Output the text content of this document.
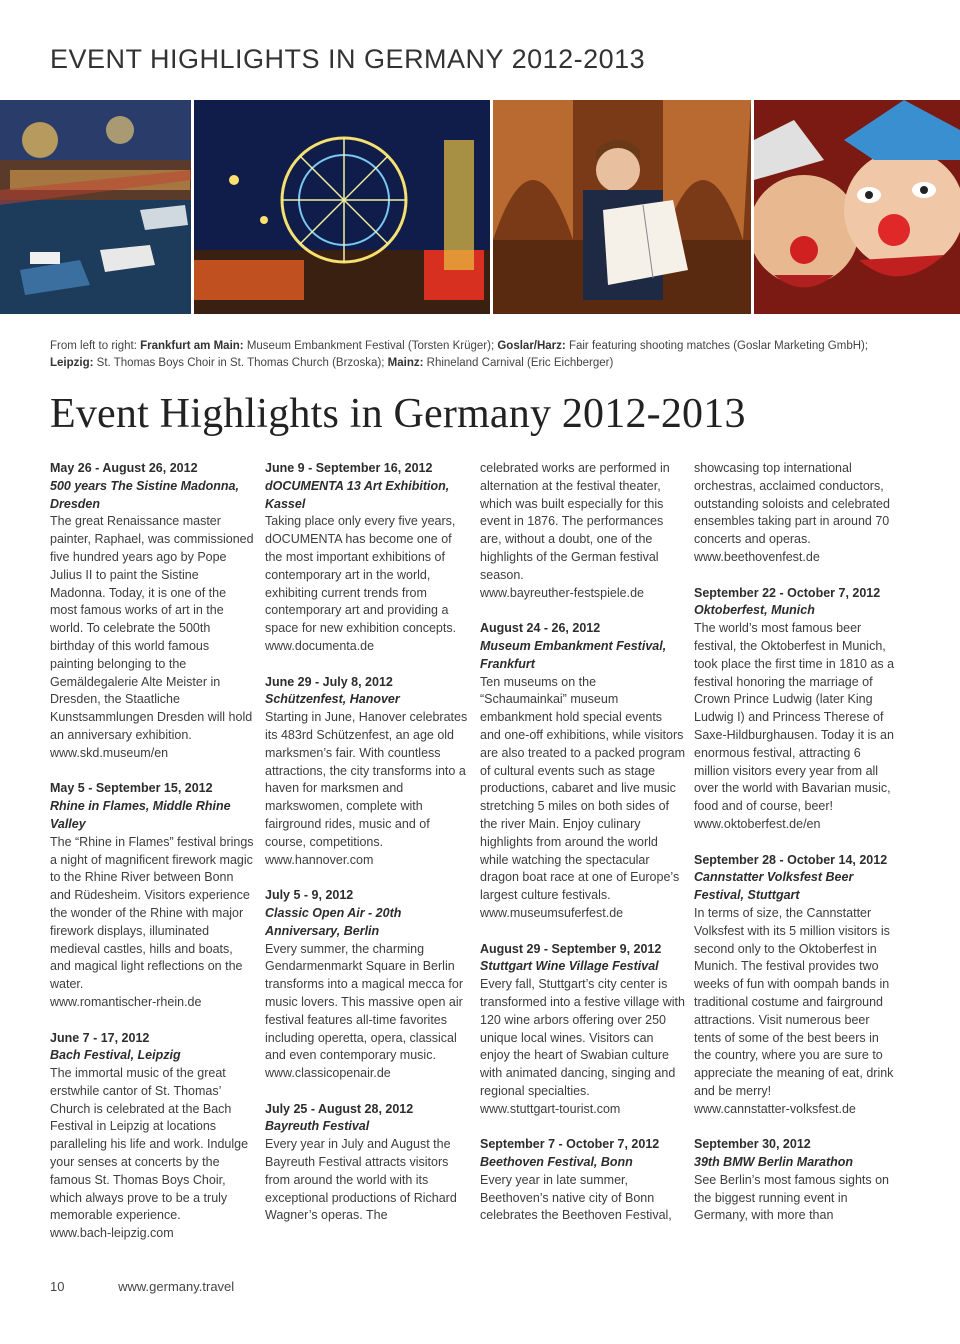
EVENT HIGHLIGHTS IN GERMANY 2012-2013
From left to right: Frankfurt am Main: Museum Embankment Festival (Torsten Krüger); Goslar/Harz: Fair featuring shooting matches (Goslar Marketing GmbH);
Leipzig: St. Thomas Boys Choir in St. Thomas Church (Brzoska); Mainz: Rhineland Carnival (Eric Eichberger)
Event Highlights in Germany 2012-2013
May 26 - August 26, 2012
500 years The Sistine Madonna, Dresden
The great Renaissance master painter, Raphael, was commissioned five hundred years ago by Pope Julius II to paint the Sistine Madonna. Today, it is one of the most famous works of art in the world. To celebrate the 500th birthday of this world famous painting belonging to the Gemäldegalerie Alte Meister in Dresden, the Staatliche Kunstsammlungen Dresden will hold an anniversary exhibition.
www.skd.museum/en
May 5 - September 15, 2012
Rhine in Flames, Middle Rhine Valley
The “Rhine in Flames” festival brings a night of magnificent firework magic to the Rhine River between Bonn and Rüdesheim. Visitors experience the wonder of the Rhine with major firework displays, illuminated medieval castles, hills and boats, and magical light reflections on the water.
www.romantischer-rhein.de
June 7 - 17, 2012
Bach Festival, Leipzig
The immortal music of the great erstwhile cantor of St. Thomas’ Church is celebrated at the Bach Festival in Leipzig at locations paralleling his life and work. Indulge your senses at concerts by the famous St. Thomas Boys Choir, which always prove to be a truly memorable experience.
www.bach-leipzig.com
June 9 - September 16, 2012
dOCUMENTA 13 Art Exhibition, Kassel
Taking place only every five years, dOCUMENTA has become one of the most important exhibitions of contemporary art in the world, exhibiting current trends from contemporary art and providing a space for new exhibition concepts.
www.documenta.de
June 29 - July 8, 2012
Schützenfest, Hanover
Starting in June, Hanover celebrates its 483rd Schützenfest, an age old marksmen’s fair. With countless attractions, the city transforms into a haven for marksmen and markswomen, complete with fairground rides, music and of course, competitions.
www.hannover.com
July 5 - 9, 2012
Classic Open Air - 20th Anniversary, Berlin
Every summer, the charming Gendarmenmarkt Square in Berlin transforms into a magical mecca for music lovers. This massive open air festival features all-time favorites including operetta, opera, classical and even contemporary music.
www.classicopenair.de
July 25 - August 28, 2012
Bayreuth Festival
Every year in July and August the Bayreuth Festival attracts visitors from around the world with its exceptional productions of Richard Wagner’s operas. The
celebrated works are performed in alternation at the festival theater, which was built especially for this event in 1876. The performances are, without a doubt, one of the highlights of the German festival season.
www.bayreuther-festspiele.de
August 24 - 26, 2012
Museum Embankment Festival, Frankfurt
Ten museums on the “Schaumainkai” museum embankment hold special events and one-off exhibitions, while visitors are also treated to a packed program of cultural events such as stage productions, cabaret and live music stretching 5 miles on both sides of the river Main. Enjoy culinary highlights from around the world while watching the spectacular dragon boat race at one of Europe’s largest culture festivals.
www.museumsuferfest.de
August 29 - September 9, 2012
Stuttgart Wine Village Festival
Every fall, Stuttgart’s city center is transformed into a festive village with 120 wine arbors offering over 250 unique local wines. Visitors can enjoy the heart of Swabian culture with animated dancing, singing and regional specialties.
www.stuttgart-tourist.com
September 7 - October 7, 2012
Beethoven Festival, Bonn
Every year in late summer, Beethoven’s native city of Bonn celebrates the Beethoven Festival,
showcasing top international orchestras, acclaimed conductors, outstanding soloists and celebrated ensembles taking part in around 70 concerts and operas.
www.beethovenfest.de
September 22 - October 7, 2012
Oktoberfest, Munich
The world’s most famous beer festival, the Oktoberfest in Munich, took place the first time in 1810 as a festival honoring the marriage of Crown Prince Ludwig (later King Ludwig I) and Princess Therese of Saxe-Hildburghausen. Today it is an enormous festival, attracting 6 million visitors every year from all over the world with Bavarian music, food and of course, beer!
www.oktoberfest.de/en
September 28 - October 14, 2012
Cannstatter Volksfest Beer Festival, Stuttgart
In terms of size, the Cannstatter Volksfest with its 5 million visitors is second only to the Oktoberfest in Munich. The festival provides two weeks of fun with oompah bands in traditional costume and fairground attractions. Visit numerous beer tents of some of the best beers in the country, where you are sure to appreciate the meaning of eat, drink and be merry!
www.cannstatter-volksfest.de
September 30, 2012
39th BMW Berlin Marathon
See Berlin’s most famous sights on the biggest running event in Germany, with more than
10	www.germany.travel
